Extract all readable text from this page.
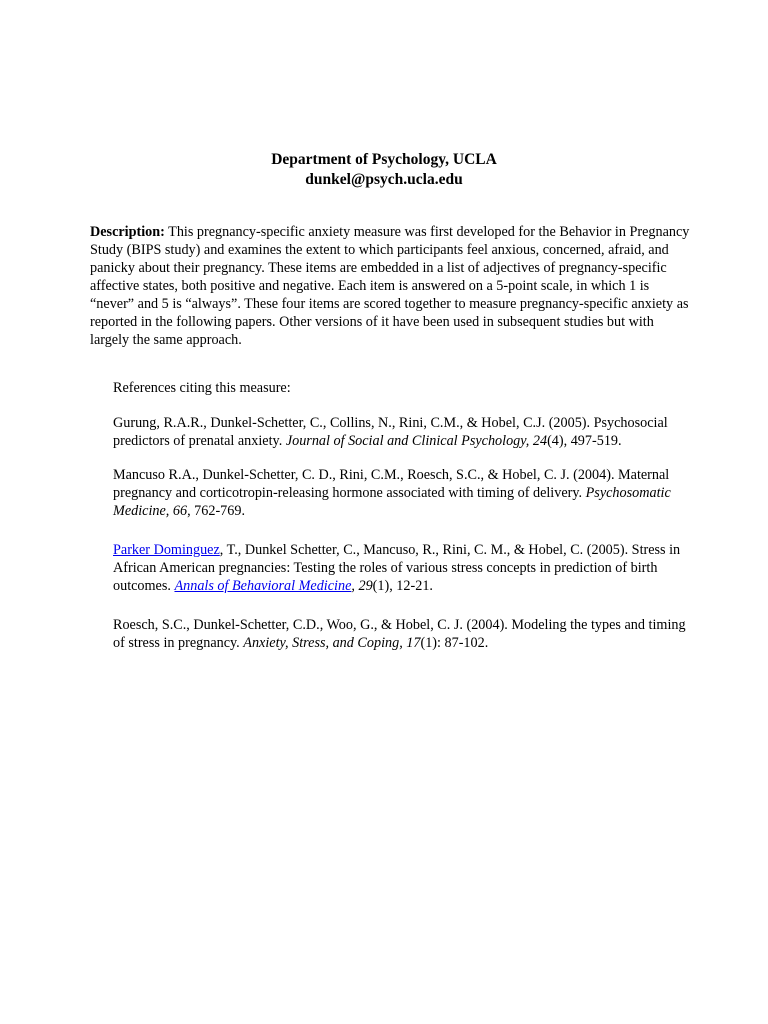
Department of Psychology, UCLA
dunkel@psych.ucla.edu
Description: This pregnancy-specific anxiety measure was first developed for the Behavior in Pregnancy Study (BIPS study) and examines the extent to which participants feel anxious, concerned, afraid, and panicky about their pregnancy. These items are embedded in a list of adjectives of pregnancy-specific affective states, both positive and negative. Each item is answered on a 5-point scale, in which 1 is “never” and 5 is “always”. These four items are scored together to measure pregnancy-specific anxiety as reported in the following papers. Other versions of it have been used in subsequent studies but with largely the same approach.
References citing this measure:
Gurung, R.A.R., Dunkel-Schetter, C., Collins, N., Rini, C.M., & Hobel, C.J. (2005). Psychosocial predictors of prenatal anxiety. Journal of Social and Clinical Psychology, 24(4), 497-519.
Mancuso R.A., Dunkel-Schetter, C. D., Rini, C.M., Roesch, S.C., & Hobel, C. J. (2004). Maternal pregnancy and corticotropin-releasing hormone associated with timing of delivery. Psychosomatic Medicine, 66, 762-769.
Parker Dominguez, T., Dunkel Schetter, C., Mancuso, R., Rini, C. M., & Hobel, C. (2005). Stress in African American pregnancies: Testing the roles of various stress concepts in prediction of birth outcomes. Annals of Behavioral Medicine, 29(1), 12-21.
Roesch, S.C., Dunkel-Schetter, C.D., Woo, G., & Hobel, C. J. (2004). Modeling the types and timing of stress in pregnancy. Anxiety, Stress, and Coping, 17(1): 87-102.
